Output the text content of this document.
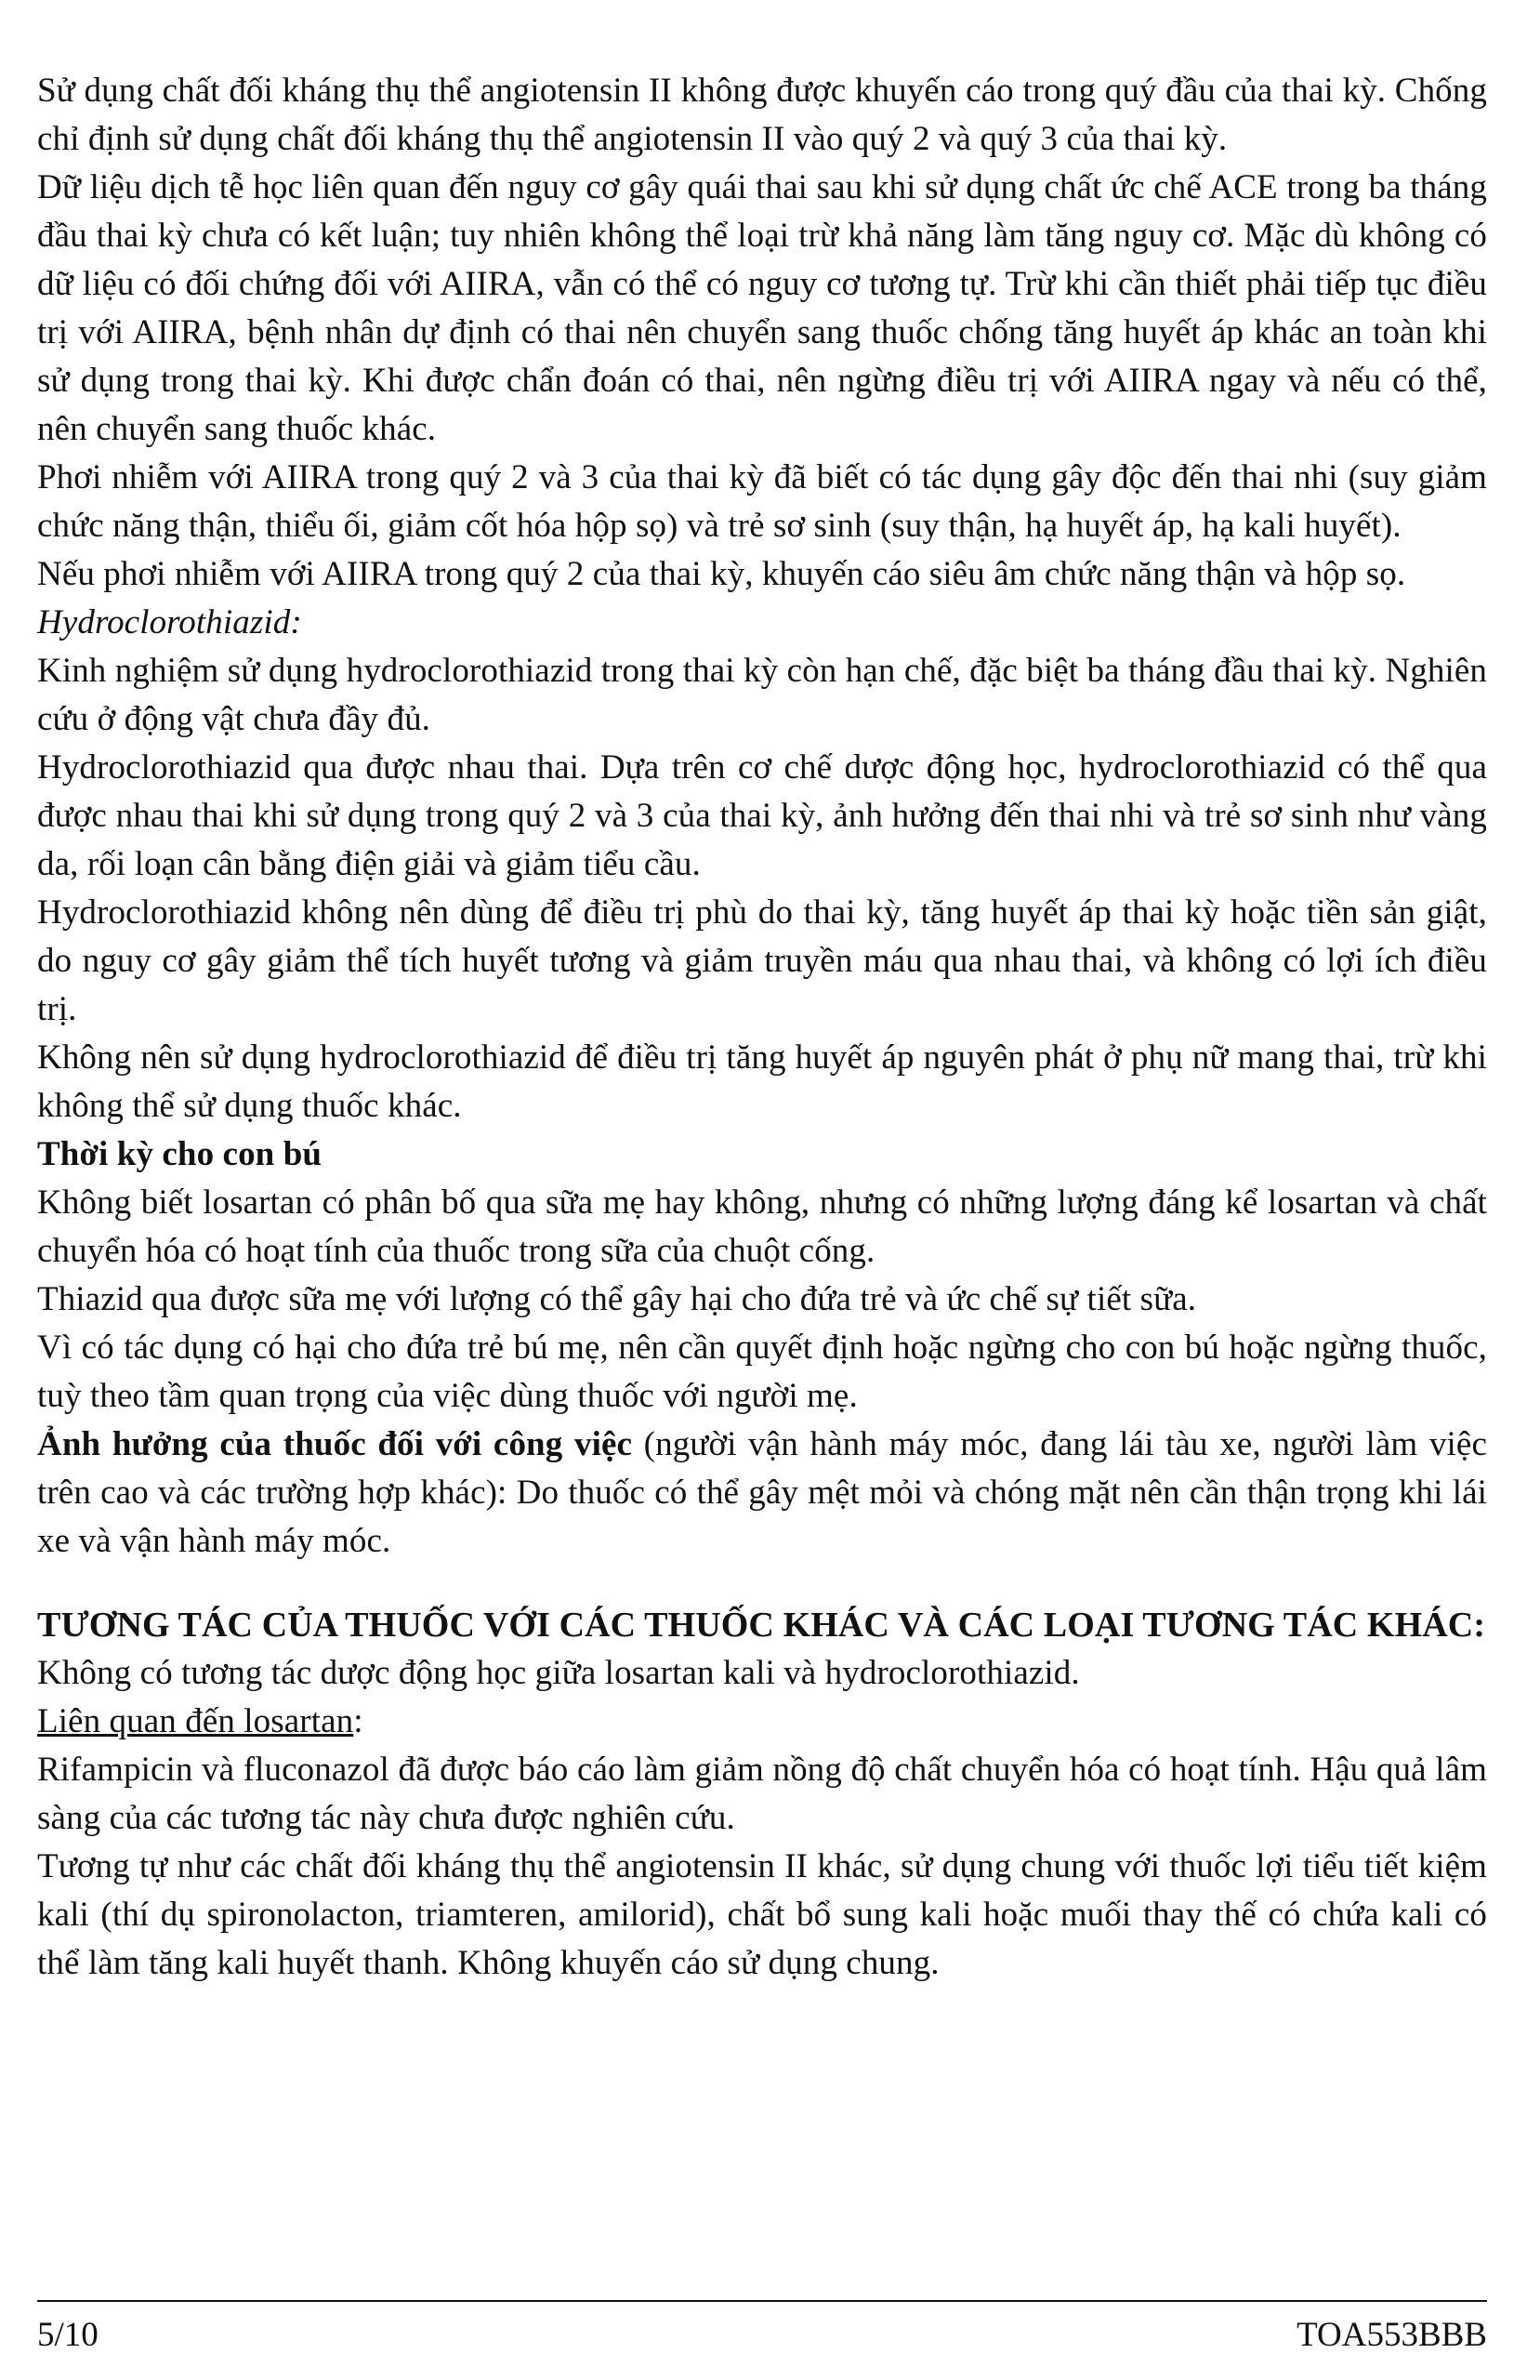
Sử dụng chất đối kháng thụ thể angiotensin II không được khuyến cáo trong quý đầu của thai kỳ. Chống chỉ định sử dụng chất đối kháng thụ thể angiotensin II vào quý 2 và quý 3 của thai kỳ.

Dữ liệu dịch tễ học liên quan đến nguy cơ gây quái thai sau khi sử dụng chất ức chế ACE trong ba tháng đầu thai kỳ chưa có kết luận; tuy nhiên không thể loại trừ khả năng làm tăng nguy cơ. Mặc dù không có dữ liệu có đối chứng đối với AIIRA, vẫn có thể có nguy cơ tương tự. Trừ khi cần thiết phải tiếp tục điều trị với AIIRA, bệnh nhân dự định có thai nên chuyển sang thuốc chống tăng huyết áp khác an toàn khi sử dụng trong thai kỳ. Khi được chẩn đoán có thai, nên ngừng điều trị với AIIRA ngay và nếu có thể, nên chuyển sang thuốc khác.

Phơi nhiễm với AIIRA trong quý 2 và 3 của thai kỳ đã biết có tác dụng gây độc đến thai nhi (suy giảm chức năng thận, thiểu ối, giảm cốt hóa hộp sọ) và trẻ sơ sinh (suy thận, hạ huyết áp, hạ kali huyết).

Nếu phơi nhiễm với AIIRA trong quý 2 của thai kỳ, khuyến cáo siêu âm chức năng thận và hộp sọ.

Hydroclorothiazid:

Kinh nghiệm sử dụng hydroclorothiazid trong thai kỳ còn hạn chế, đặc biệt ba tháng đầu thai kỳ. Nghiên cứu ở động vật chưa đầy đủ.

Hydroclorothiazid qua được nhau thai. Dựa trên cơ chế dược động học, hydroclorothiazid có thể qua được nhau thai khi sử dụng trong quý 2 và 3 của thai kỳ, ảnh hưởng đến thai nhi và trẻ sơ sinh như vàng da, rối loạn cân bằng điện giải và giảm tiểu cầu.

Hydroclorothiazid không nên dùng để điều trị phù do thai kỳ, tăng huyết áp thai kỳ hoặc tiền sản giật, do nguy cơ gây giảm thể tích huyết tương và giảm truyền máu qua nhau thai, và không có lợi ích điều trị.

Không nên sử dụng hydroclorothiazid để điều trị tăng huyết áp nguyên phát ở phụ nữ mang thai, trừ khi không thể sử dụng thuốc khác.

Thời kỳ cho con bú

Không biết losartan có phân bố qua sữa mẹ hay không, nhưng có những lượng đáng kể losartan và chất chuyển hóa có hoạt tính của thuốc trong sữa của chuột cống.

Thiazid qua được sữa mẹ với lượng có thể gây hại cho đứa trẻ và ức chế sự tiết sữa.

Vì có tác dụng có hại cho đứa trẻ bú mẹ, nên cần quyết định hoặc ngừng cho con bú hoặc ngừng thuốc, tuỳ theo tầm quan trọng của việc dùng thuốc với người mẹ.

Ảnh hưởng của thuốc đối với công việc (người vận hành máy móc, đang lái tàu xe, người làm việc trên cao và các trường hợp khác): Do thuốc có thể gây mệt mỏi và chóng mặt nên cần thận trọng khi lái xe và vận hành máy móc.

TƯƠNG TÁC CỦA THUỐC VỚI CÁC THUỐC KHÁC VÀ CÁC LOẠI TƯƠNG TÁC KHÁC:

Không có tương tác dược động học giữa losartan kali và hydroclorothiazid.

Liên quan đến losartan:

Rifampicin và fluconazol đã được báo cáo làm giảm nồng độ chất chuyển hóa có hoạt tính. Hậu quả lâm sàng của các tương tác này chưa được nghiên cứu.

Tương tự như các chất đối kháng thụ thể angiotensin II khác, sử dụng chung với thuốc lợi tiểu tiết kiệm kali (thí dụ spironolacton, triamteren, amilorid), chất bổ sung kali hoặc muối thay thế có chứa kali có thể làm tăng kali huyết thanh. Không khuyến cáo sử dụng chung.

5/10	TOA553BBB
